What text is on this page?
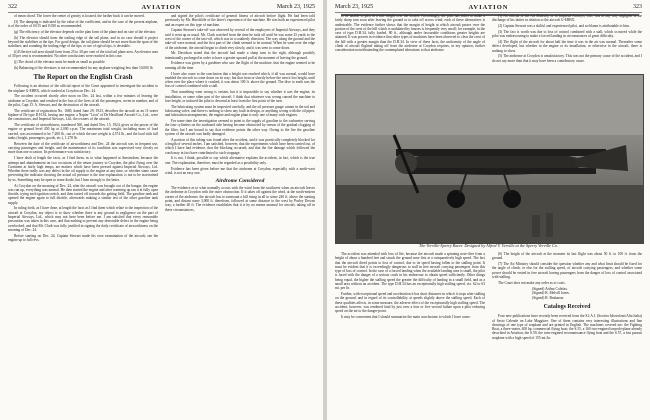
322	AVIATION	March 23, 1925

of mean chord. The lower the center of gravity is located, the farther back it can be moved.

(3) The damping is indicated by the value of the coefficient, and in the case of the present airplane, is of the order of 0.015 and 0.030 as recommended.

(g) The efficiency of the elevator depends on the plan form of the plane and on size of the elevator.

(h) The elevator should form the trailing edge of the tail plane, and in no case should it project beyond the stabilizer at the tips. For good design, the tail plane should be not more than the span of the stabilizer, and rounding the trailing edge of the tips, or use of ogival tips, is desirable.

(i) Effective tail area should form from 25 to 30 per cent of the total tail plane area. An elevator area of 30 per cent is recommended. No other conclusions were reached in this case.

(j) The chord of the elevator must be made as small as possible.

(k) Balancing of the elevators is not recommended for any airplane weighing less than 10,000 lb.

The Report on the English Crash

Following is an abstract of the official report of the Court appointed to investigate the accident to the airplane G-EBBX, which crashed at Croydon on Dec. 24.

The accident occurred shortly after noon on Dec. 24 last, within a few minutes of leaving the airdrome at Croydon, and resulted in the loss of the lives of all the passengers, seven in number, and of the pilot, Capt. D. A. Stewart, and the destruction of the aircraft.

The certificate of registration No. 1680, dated June 29, 1923, describes the aircraft as an 11-seater biplane of De type D.H.34, having one engine, a Napier "Lion" of De Havilland Aircraft Co., Ltd., were the constructors, and Imperial Airways, Ltd., the owners of the aircraft.

The certificate of airworthiness, numbered 560, and dated Nov. 15, 1924, gives as the power of the engine or ground level 450 hp at 2,000 r.p.m. The maximum total weight, including mass of load carried, was ascertained to be 7,200 lb., out of which the tare weight is 4,574 lb., and the load with full tanks (freight, passengers, goods, etc.), 1,278 lb.

Between the date of the certificate of airworthiness and Dec. 24 the aircraft was in frequent use, carrying passengers and freight, and the maintenance of its condition was supervised very closely on more than one occasion. Its performance was satisfactory.

I have dealt at length the facts, as I find them, as to what happened at Amsterdam, because the attempt and abandonment on two occasions of the return journey to Croydon, the pilot flying over the Continent at fairly high temps, are matters which have been pressed against Imperial Airways, Ltd. Whether there really was any defect in the oil supply to the engine at any time, or whether some cause preventing the indicator showing the actual oil pressure is the true explanation, is not to be ascertained by us. Something may be open to some doubt, but I lean strongly to the latter.

At Croydon on the morning of Dec. 24, after the aircraft was brought out of the hangar, the engine was run up, everything was normal. He then started the engine and after warming up ran it at fully open throttle, trying each ignition switch, and then taxied off towards the gaiting field. The gasoline tank and opened the engine again to full throttle, afterwards making a similar test of the other gasoline tank supply.

In ruling forth, as I have done, at length the facts as I find them which relate to the inspection of the aircraft at Croydon, my object is to show whether there is any ground to negligence on the part of Imperial Airways, Ltd., which may not have been before me. I am satisfied that every reasonable precaution was taken in this case, and that nothing to prevent any detectable defect in the engine being overlooked, and that Mr. Clark was fully justified in signing the daily certificate of airworthiness on the morning of Dec. 24.

Before starting on Dec. 24, Captain Stewart made his own examination of the aircraft, ran the engine up to full revs.

and signed the pilot's certificate of general fitness of aircraft before flight. He had been told previously by Mr. Hinchliffe of the latter's experience of the machine. He was both an experienced pilot and an expert on this type of machine.

Captain Stewart's take-off was observed by several of the employees of Imperial Airways, and they said it went up as usual. Mr. Clark watched from the time he took off until he was some 25 yards to the west of the corner of the taxi-off, which was in a southerly direction. The way along the ground and the take-off were normal, and the first part of the climb seemed to be normal. When he went over the edge of the airdrome, the aircraft began to climb very slowly, and it was seen to come down.

Mr. Davidson stated that the aircraft had made a sharp turn to the right, although possibly intentionally prolonged in order to have a greater upward pull at the moment of leaving the ground.

Evidence was given by a gardener who saw the flight of the machine, that the engine seemed to be running all the time.

I have also come to the conclusion that a height was reached which, if all was normal, would have enabled the aircraft to come down on its way; but that from or shortly before the turn it lost height, until when over the place where it crashed, it was about 100 ft. above the ground. The dive to earth was the loss of control combined with a stall.

That something went wrong is certain, but it is impossible to say whether it was the engine, its installation, or some other part of the aircraft. I think that whatever was wrong caused the machine to lose height, or induced the pilot to descend at least from the first point of the turn.

The lubricating system must be inspected carefully, and the oil pressure gauge cannot in the tail and lubricating valve, and there is nothing to show any fault in design, or anything wrong with the oil pipes, and lubrication arrangements, the engine and engine plant is only one of many such engines.

For some time the investigation seemed to point to the supply of gasoline to the carburetor serving the four cylinders on the starboard side having become obstructed by reason of the gradual clogging of the filter, but I am bound to say that evidence points the other way. Owing to the fire the gasoline system of the aircraft was badly damaged.

A portion of this tubing was found after the accident, and it was practically completely blocked for a length of several inches. I am satisfied, however, that the experiments which have been carried out, of which I have had evidence, that the blocking occurred, and that the fire damage which followed the crash may in fact have contributed to such stoppage.

It is not, I think, possible to say which alternative explains the accident, in fact, which is the true one. The explanation, therefore, must be regarded as a possibility only.

Evidence has been given before me that the airdrome at Croydon, especially with a north-west wind, is not an easy one.

Airdrome Considered

The evidence as to what normally occurs with the wind from the southwest when an aircraft leaves the airdrome at Croydon with the outer obstruction. If it takes off against the wind, at the north-eastern corner of the airdrome, the aircraft has to surmount a hill rising in all to some 240 ft. above the starting point, and distant some 3,000 ft. therefrom, followed at some distance to the west by Purley Downs way, a further 40 ft. The evidence establishes that it is by no means unusual for aircraft, taking off in these circumstances,

March 23, 1925	AVIATION	323

to be unable to pass at a safe height over the houses. Accordingly, the pilot has either to make a fairly sharp turn soon after leaving the ground or to take off across wind; each of these alternatives is undesirable. The evidence further shows that the margin of height at which aircraft passes over the portion of the crest of the hill which is undulated by houses is frequently very small; for example, in the case of type D.H.34, fully loaded, 80 ft., although under favourable conditions greater heights are attained. It was proven in evidence that other types of machines have been observed to clear the crest of the hill with a greater margin than the D.H.34. In view of these facts, the uniformity of the angle of climb of aircraft flighted taking off from the airdrome at Croydon requires, in my opinion, further consideration notwithstanding the contemplated alterations to that airdrome.

(1) No official of the Air Ministry, or of Imperial Airways, Ltd., was in any way negligent in the discharge of his duties in relation to the aircraft G-EBBX.

(2) Captain Stewart was a skilful and experienced pilot, and no blame is attributable to him.

(3) The fact is worth was due to loss of control combined with a stall, which occurred while the pilot was endeavouring to make a forced landing in circumstances of great difficulty.

(4) The flight of the aircraft for about half the time it was in the air was normal. Thereafter some defect developed, but whether in the engine or its installation, or otherwise in the aircraft, there is nothing to show.

(5) The airdrome at Croydon is unsatisfactory. This was not the primary cause of the accident, and I do not say more than that it may have been a contributory cause.

The Verville-Sperry Racer. Designed by Alfred V. Verville at the Sperry Verville Co.

The accident was attended with loss of life, because the aircraft made a spinning nose-dive from a height of about a hundred feet and struck the ground nose first at a comparatively high speed. The fact that the aircraft dived points to loss of control, due to its speed having fallen to the stalling point. It must be evident that it is exceedingly dangerous to stall in free aircraft carrying passengers from this type of loss of control. In the case of a forced landing when the available landing area is small, the pilot is faced with the danger of a serious crash in his endeavour to obtain speed sufficiently. Other things being equal, the higher the stalling speed the greater the difficulty of landing in a small field, and as a small area without an accident. The type D.H.34 has an exceptionally high stalling speed, viz. 62 to 63 mi. per hr.

Further, with exceptional speed and acceleration it has short distances in which it stops after stalling on the ground, and in regard of its controllability at speeds slightly above the stalling speed. Each of these qualities affects, in some measure, the adverse effect of the exceptionally high stalling speed. The accident, however, was rendered fatal by just over a four or five second failure upon a pilot reducing speed on the air to the danger-point.

It may be convenient that I should summarise the main conclusions to which I have come:

(6) The height of the aircraft at the moment its last flight was about 50 ft. to 100 ft. from the ground.

(7) The Air Ministry should consider the question whether any and what limit should be fixed for the angle of climb, or else for the stalling speed, of aircraft carrying passengers, and whether some power should be vested in free aircraft having passengers from the danger of loss of control associated with stalling.

The Court does not make any order as to costs.

(Signed) Arthur Colefax.
(Signed) R. Melvill Jones.
(Signed) R. Brabazon.
Catalogs Received

Four new publications have recently been received from the S.I.A.I. (Societa Idrovolanti Alta Italia) of Sesto Calende on Lake Maggiore. One of them contains very interesting illustrations and line drawings of one type of seaplane and are printed in English. The machines covered are: the Fighting Boat, a three-seater, 400 hp. commercial flying boat; the S.55, a 160 two-engined torpedo-plane already described in Aviation; the S.59, the twin-engined reconnaissance flying boat and the S.57, a fast pursuit seaplane with a high speed of 155 mi./hr.
